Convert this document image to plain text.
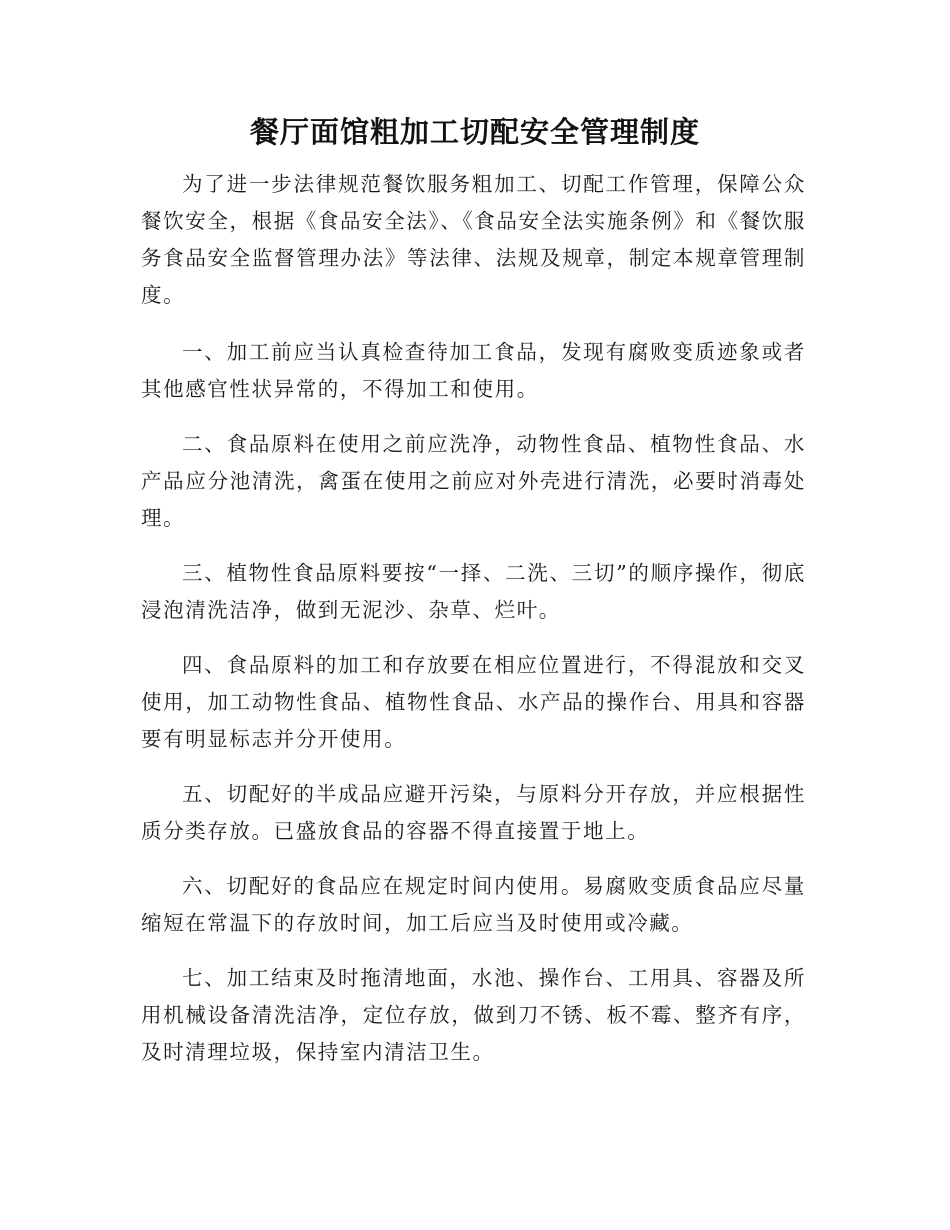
餐厅面馆粗加工切配安全管理制度

为了进一步法律规范餐饮服务粗加工、切配工作管理，保障公众餐饮安全，根据《食品安全法》、《食品安全法实施条例》和《餐饮服务食品安全监督管理办法》等法律、法规及规章，制定本规章管理制度。

一、加工前应当认真检查待加工食品，发现有腐败变质迹象或者其他感官性状异常的，不得加工和使用。

二、食品原料在使用之前应洗净，动物性食品、植物性食品、水产品应分池清洗，禽蛋在使用之前应对外壳进行清洗，必要时消毒处理。

三、植物性食品原料要按“一择、二洗、三切”的顺序操作，彻底浸泡清洗洁净，做到无泥沙、杂草、烂叶。

四、食品原料的加工和存放要在相应位置进行，不得混放和交叉使用，加工动物性食品、植物性食品、水产品的操作台、用具和容器要有明显标志并分开使用。

五、切配好的半成品应避开污染，与原料分开存放，并应根据性质分类存放。已盛放食品的容器不得直接置于地上。

六、切配好的食品应在规定时间内使用。易腐败变质食品应尽量缩短在常温下的存放时间，加工后应当及时使用或冷藏。

七、加工结束及时拖清地面，水池、操作台、工用具、容器及所用机械设备清洗洁净，定位存放，做到刀不锈、板不霉、整齐有序，及时清理垃圾，保持室内清洁卫生。
